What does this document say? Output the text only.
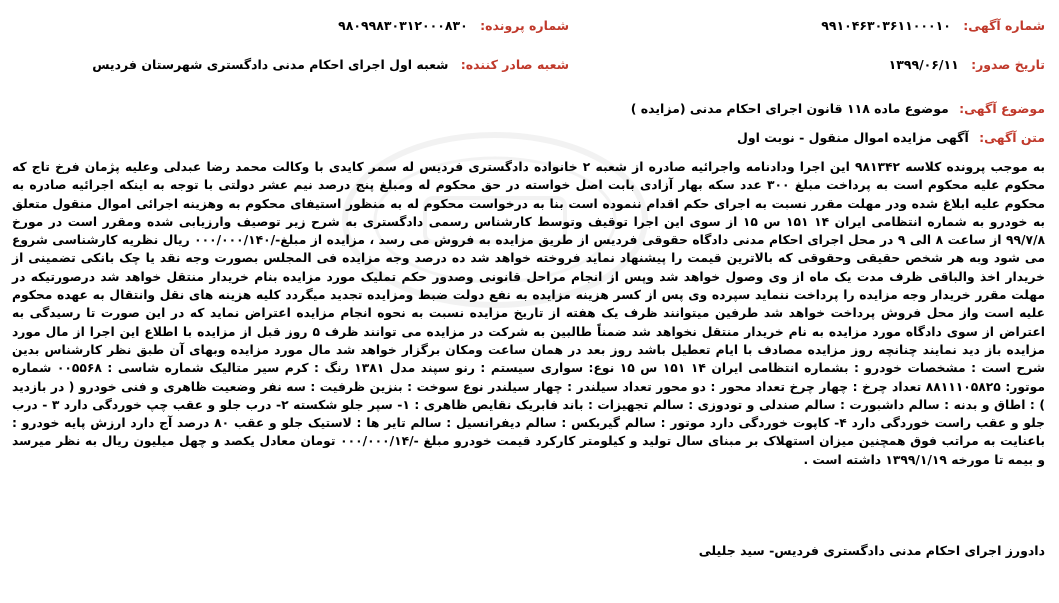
شماره آگهی: ۹۹۱۰۴۶۳۰۳۶۱۱۰۰۰۱۰
شماره پرونده: ۹۸۰۹۹۸۳۰۳۱۲۰۰۰۸۳۰
تاریخ صدور: ۱۳۹۹/۰۶/۱۱
شعبه صادر کننده: شعبه اول اجرای احکام مدنی دادگستری شهرستان فردیس
موضوع آگهی: موضوع ماده ۱۱۸ قانون اجرای احکام مدنی (مزایده )
متن آگهی: آگهی مزایده اموال منقول - نوبت اول
به موجب پرونده کلاسه ۹۸۱۳۴۲ این اجرا ودادنامه واجرائیه صادره از شعبه ۲ خانواده دادگستری فردیس له سمر کایدی با وکالت محمد رضا عبدلی وعلیه پژمان فرخ تاج که محکوم علیه محکوم است به پرداخت مبلغ ۳۰۰ عدد سکه بهار آزادی بابت اصل خواسته در حق محکوم له ومبلغ پنج درصد نیم عشر دولتی با توجه به اینکه اجرائیه صادره به محکوم علیه ابلاغ شده ودر مهلت مقرر نسبت به اجرای حکم اقدام ننموده است بنا به درخواست محکوم له به منظور استیفای محکوم به وهزینه اجرائی اموال منقول متعلق به خودرو به شماره انتظامی ایران ۱۴ ۱۵۱ س ۱۵ از سوی این اجرا توقیف وتوسط کارشناس رسمی دادگستری به شرح زیر توصیف وارزیابی شده ومقرر است در مورخ ۹۹/۷/۸ از ساعت ۸ الی ۹ در محل اجرای احکام مدنی دادگاه حقوقی فردیس از طریق مزایده به فروش می رسد ، مزایده از مبلغ-/۰۰۰/۰۰۰/۱۴۰ ریال نظریه کارشناسی شروع می شود وبه هر شخص حقیقی وحقوقی که بالاترین قیمت را پیشنهاد نماید فروخته خواهد شد ده درصد وجه مزایده فی المجلس بصورت وجه نقد یا چک بانکی تضمینی از خریدار اخذ والباقی ظرف مدت یک ماه از وی وصول خواهد شد وپس از انجام مراحل قانونی وصدور حکم تملیک مورد مزایده بنام خریدار منتقل خواهد شد درصورتیکه در مهلت مقرر خریدار وجه مزایده را پرداخت ننماید سپرده وی پس از کسر هزینه مزایده به نفع دولت ضبط ومزایده تجدید میگردد کلیه هزینه های نقل وانتقال به عهده محکوم علیه است واز محل فروش پرداخت خواهد شد طرفین میتوانند ظرف یک هفته از تاریخ مزایده نسبت به نحوه انجام مزایده اعتراض نماید که در این صورت تا رسیدگی به اعتراض از سوی دادگاه مورد مزایده به نام خریدار منتقل نخواهد شد ضمناً طالبین به شرکت در مزایده می توانند ظرف ۵ روز قبل از مزایده با اطلاع این اجرا از مال مورد مزایده باز دید نمایند چنانچه روز مزایده مصادف با ایام تعطیل باشد روز بعد در همان ساعت ومکان برگزار خواهد شد مال مورد مزایده وبهای آن طبق نظر کارشناس بدین شرح است : مشخصات خودرو : بشماره انتظامی ایران ۱۴ ۱۵۱ س ۱۵ نوع: سواری سیستم : رنو سپند مدل ۱۳۸۱ رنگ : کرم سیر متالیک شماره شاسی : ۰۰۵۵۶۸ شماره موتور: ۸۸۱۱۱۰۵۸۲۵ تعداد چرخ : چهار چرخ تعداد محور : دو محور تعداد سیلندر : چهار سیلندر نوع سوخت : بنزین ظرفیت : سه نفر وضعیت ظاهری و فنی خودرو ( در بازدید ) : اطاق و بدنه : سالم داشبورت : سالم صندلی و تودوزی : سالم تجهیزات : باند فابریک نقایص ظاهری : ۱- سپر جلو شکسته ۲- درب جلو و عقب چپ خوردگی دارد ۳ - درب جلو و عقب راست خوردگی دارد ۴- کاپوت خوردگی دارد موتور : سالم گیربکس : سالم دیفرانسیل : سالم تایر ها : لاستیک جلو و عقب ۸۰ درصد آج دارد ارزش پایه خودرو : باعنایت به مراتب فوق همچنین میزان استهلاک بر مبنای سال تولید و کیلومتر کارکرد قیمت خودرو مبلغ -/۰۰۰/۰۰۰/۱۴ تومان معادل یکصد و چهل میلیون ریال به نظر میرسد و بیمه تا مورخه ۱۳۹۹/۱/۱۹ داشته است .
دادورز اجرای احکام مدنی دادگستری فردیس- سید جلیلی
